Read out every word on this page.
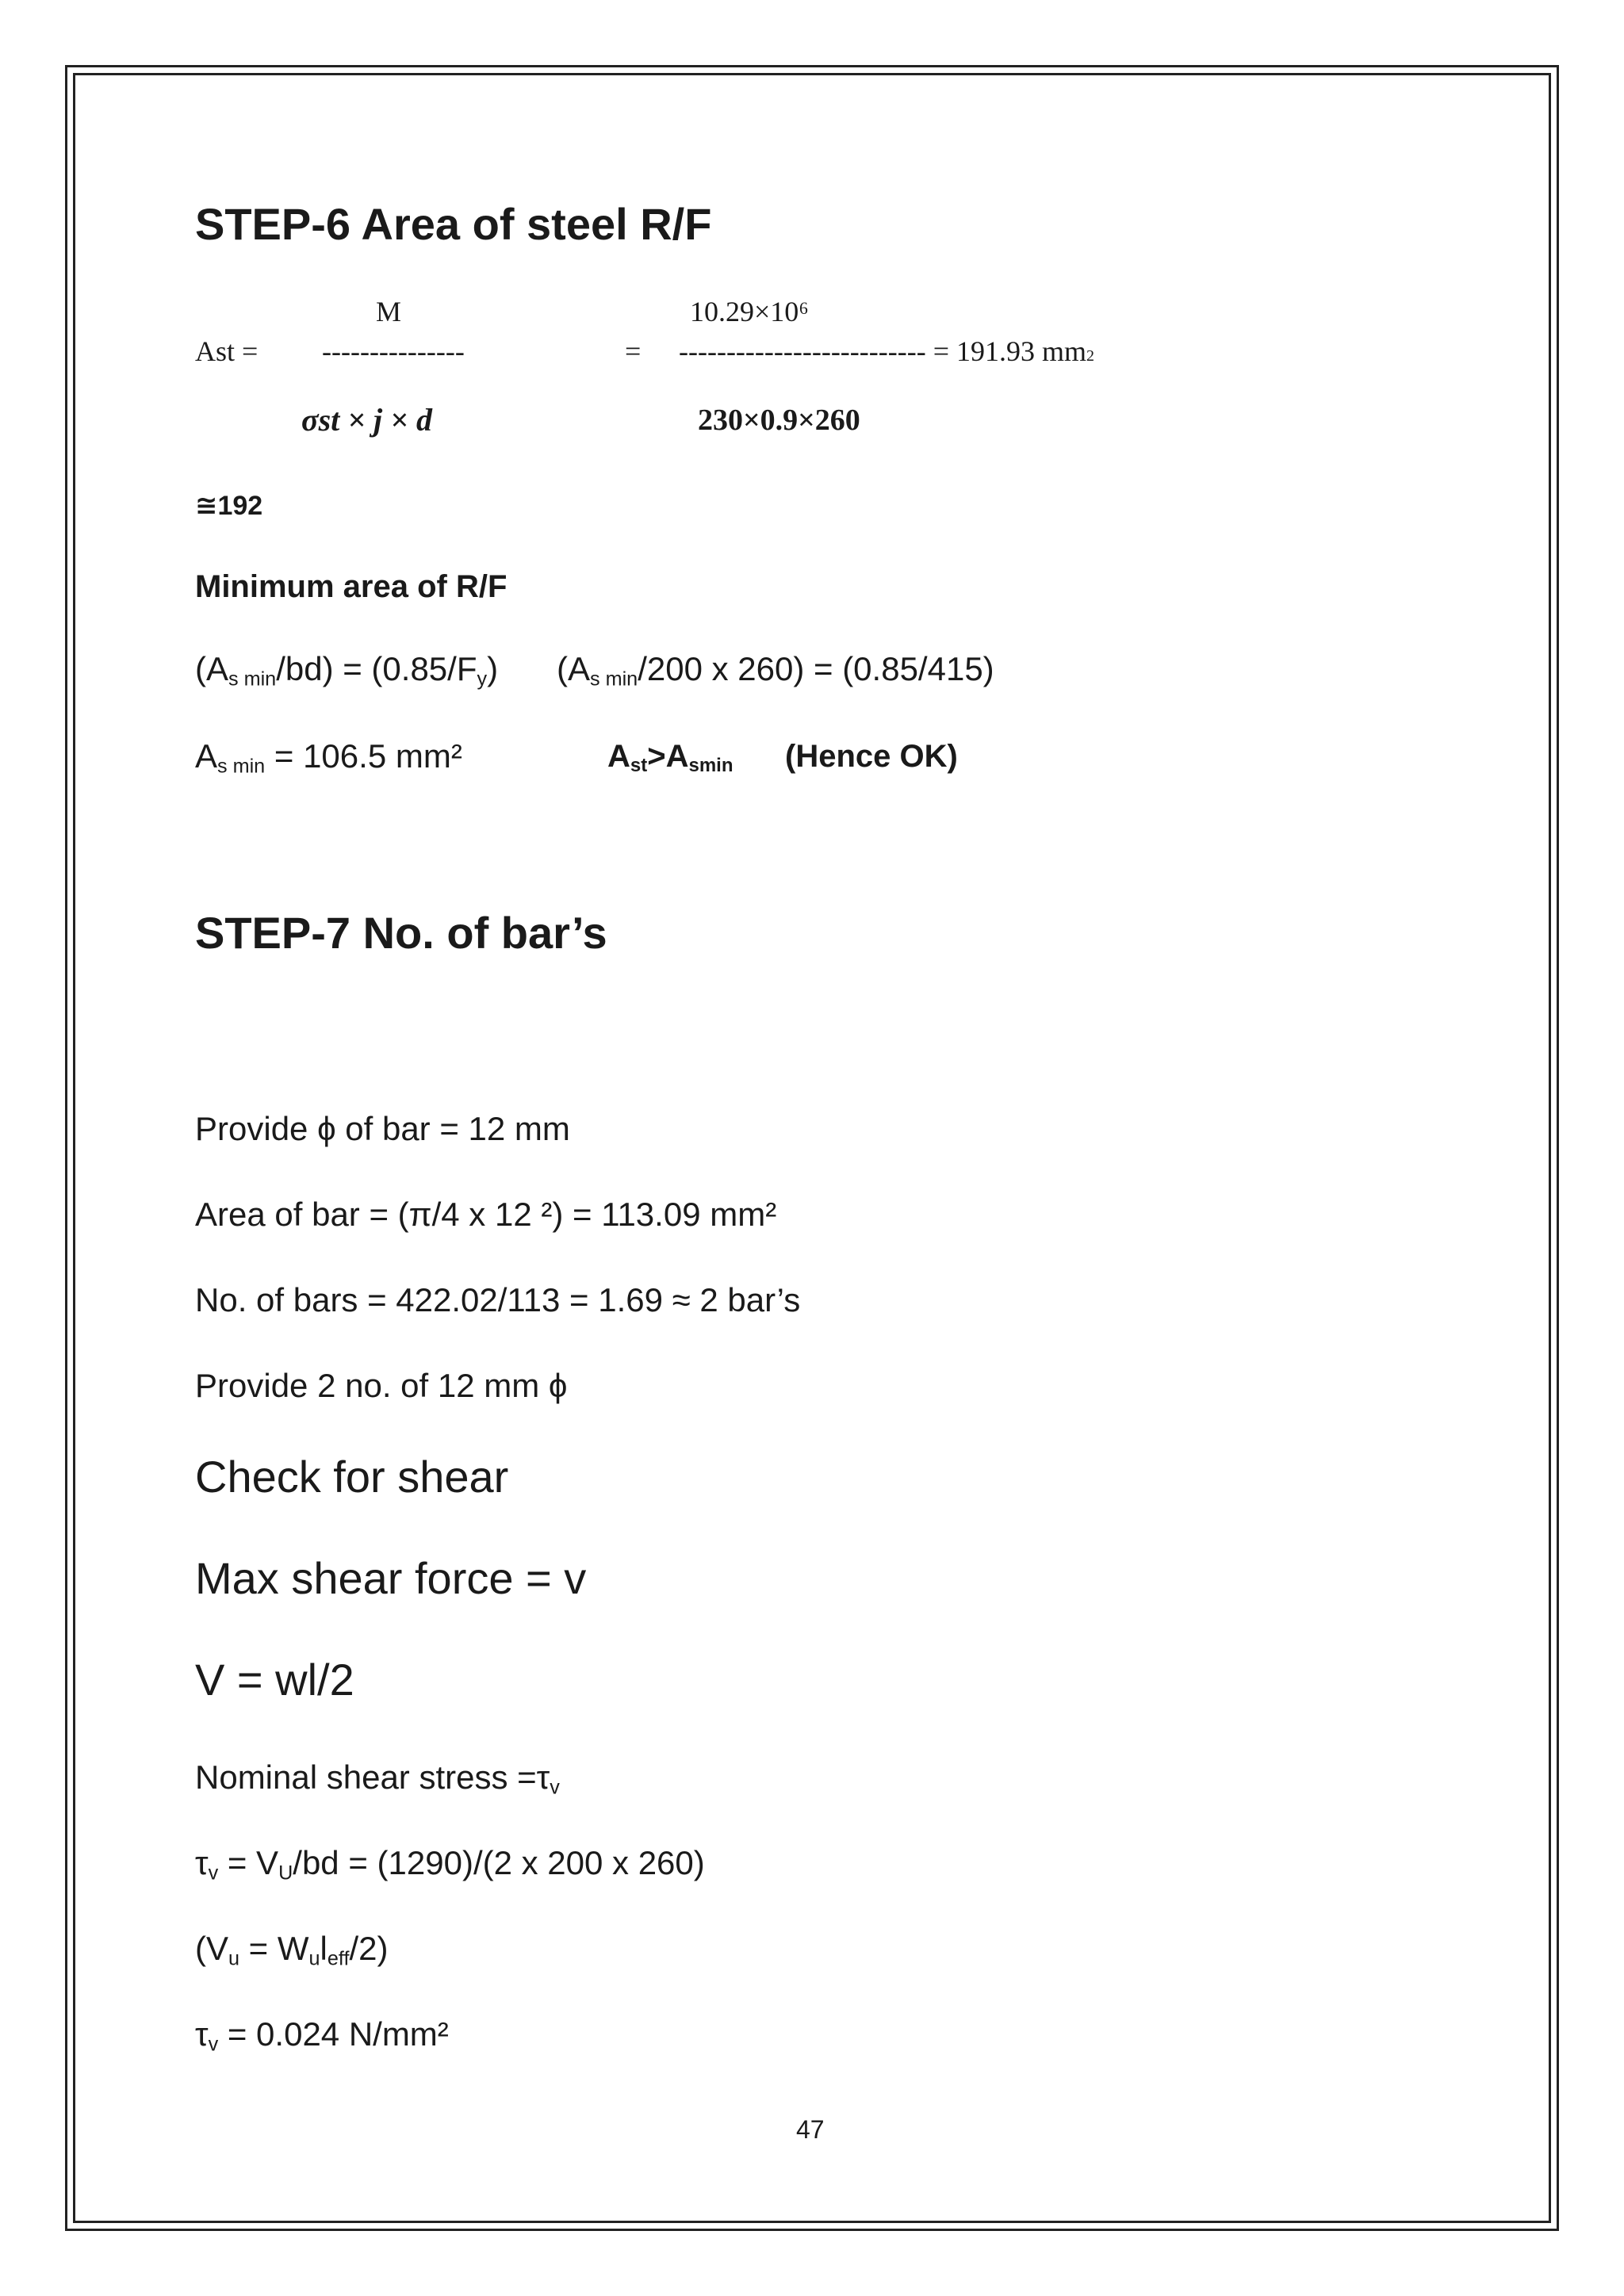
STEP-6 Area of steel R/F
M	10.29×10⁶
Ast = ---------------	= -------------------------- = 191.93 mm2
σst × j × d	230×0.9×260
≅192
Minimum area of R/F
$(A_{s min}/bd) = (0.85/F_y)$ ($A_{s min}/200$ x 260) = (0.85/415)
$A_{s min} = 106.5$ mm²	$A_{st}>A_{smin}$ (Hence OK)
STEP-7 No. of bar’s
Provide ϕ of bar = 12 mm
Area of bar = (π/4 x 12 ²) = 113.09 mm²
No. of bars = 422.02/113 = 1.69 ≈ 2 bar’s
Provide 2 no. of 12 mm ϕ
Check for shear
Max shear force = v
V = wl/2
Nominal shear stress $=\tau_v$
$\tau_v = V_U/bd = (1290)/(2$ x 200 x 260)
$(V_u = W_ul_{eff}/2)$
$\tau_v = 0.024$ N/mm²
47
